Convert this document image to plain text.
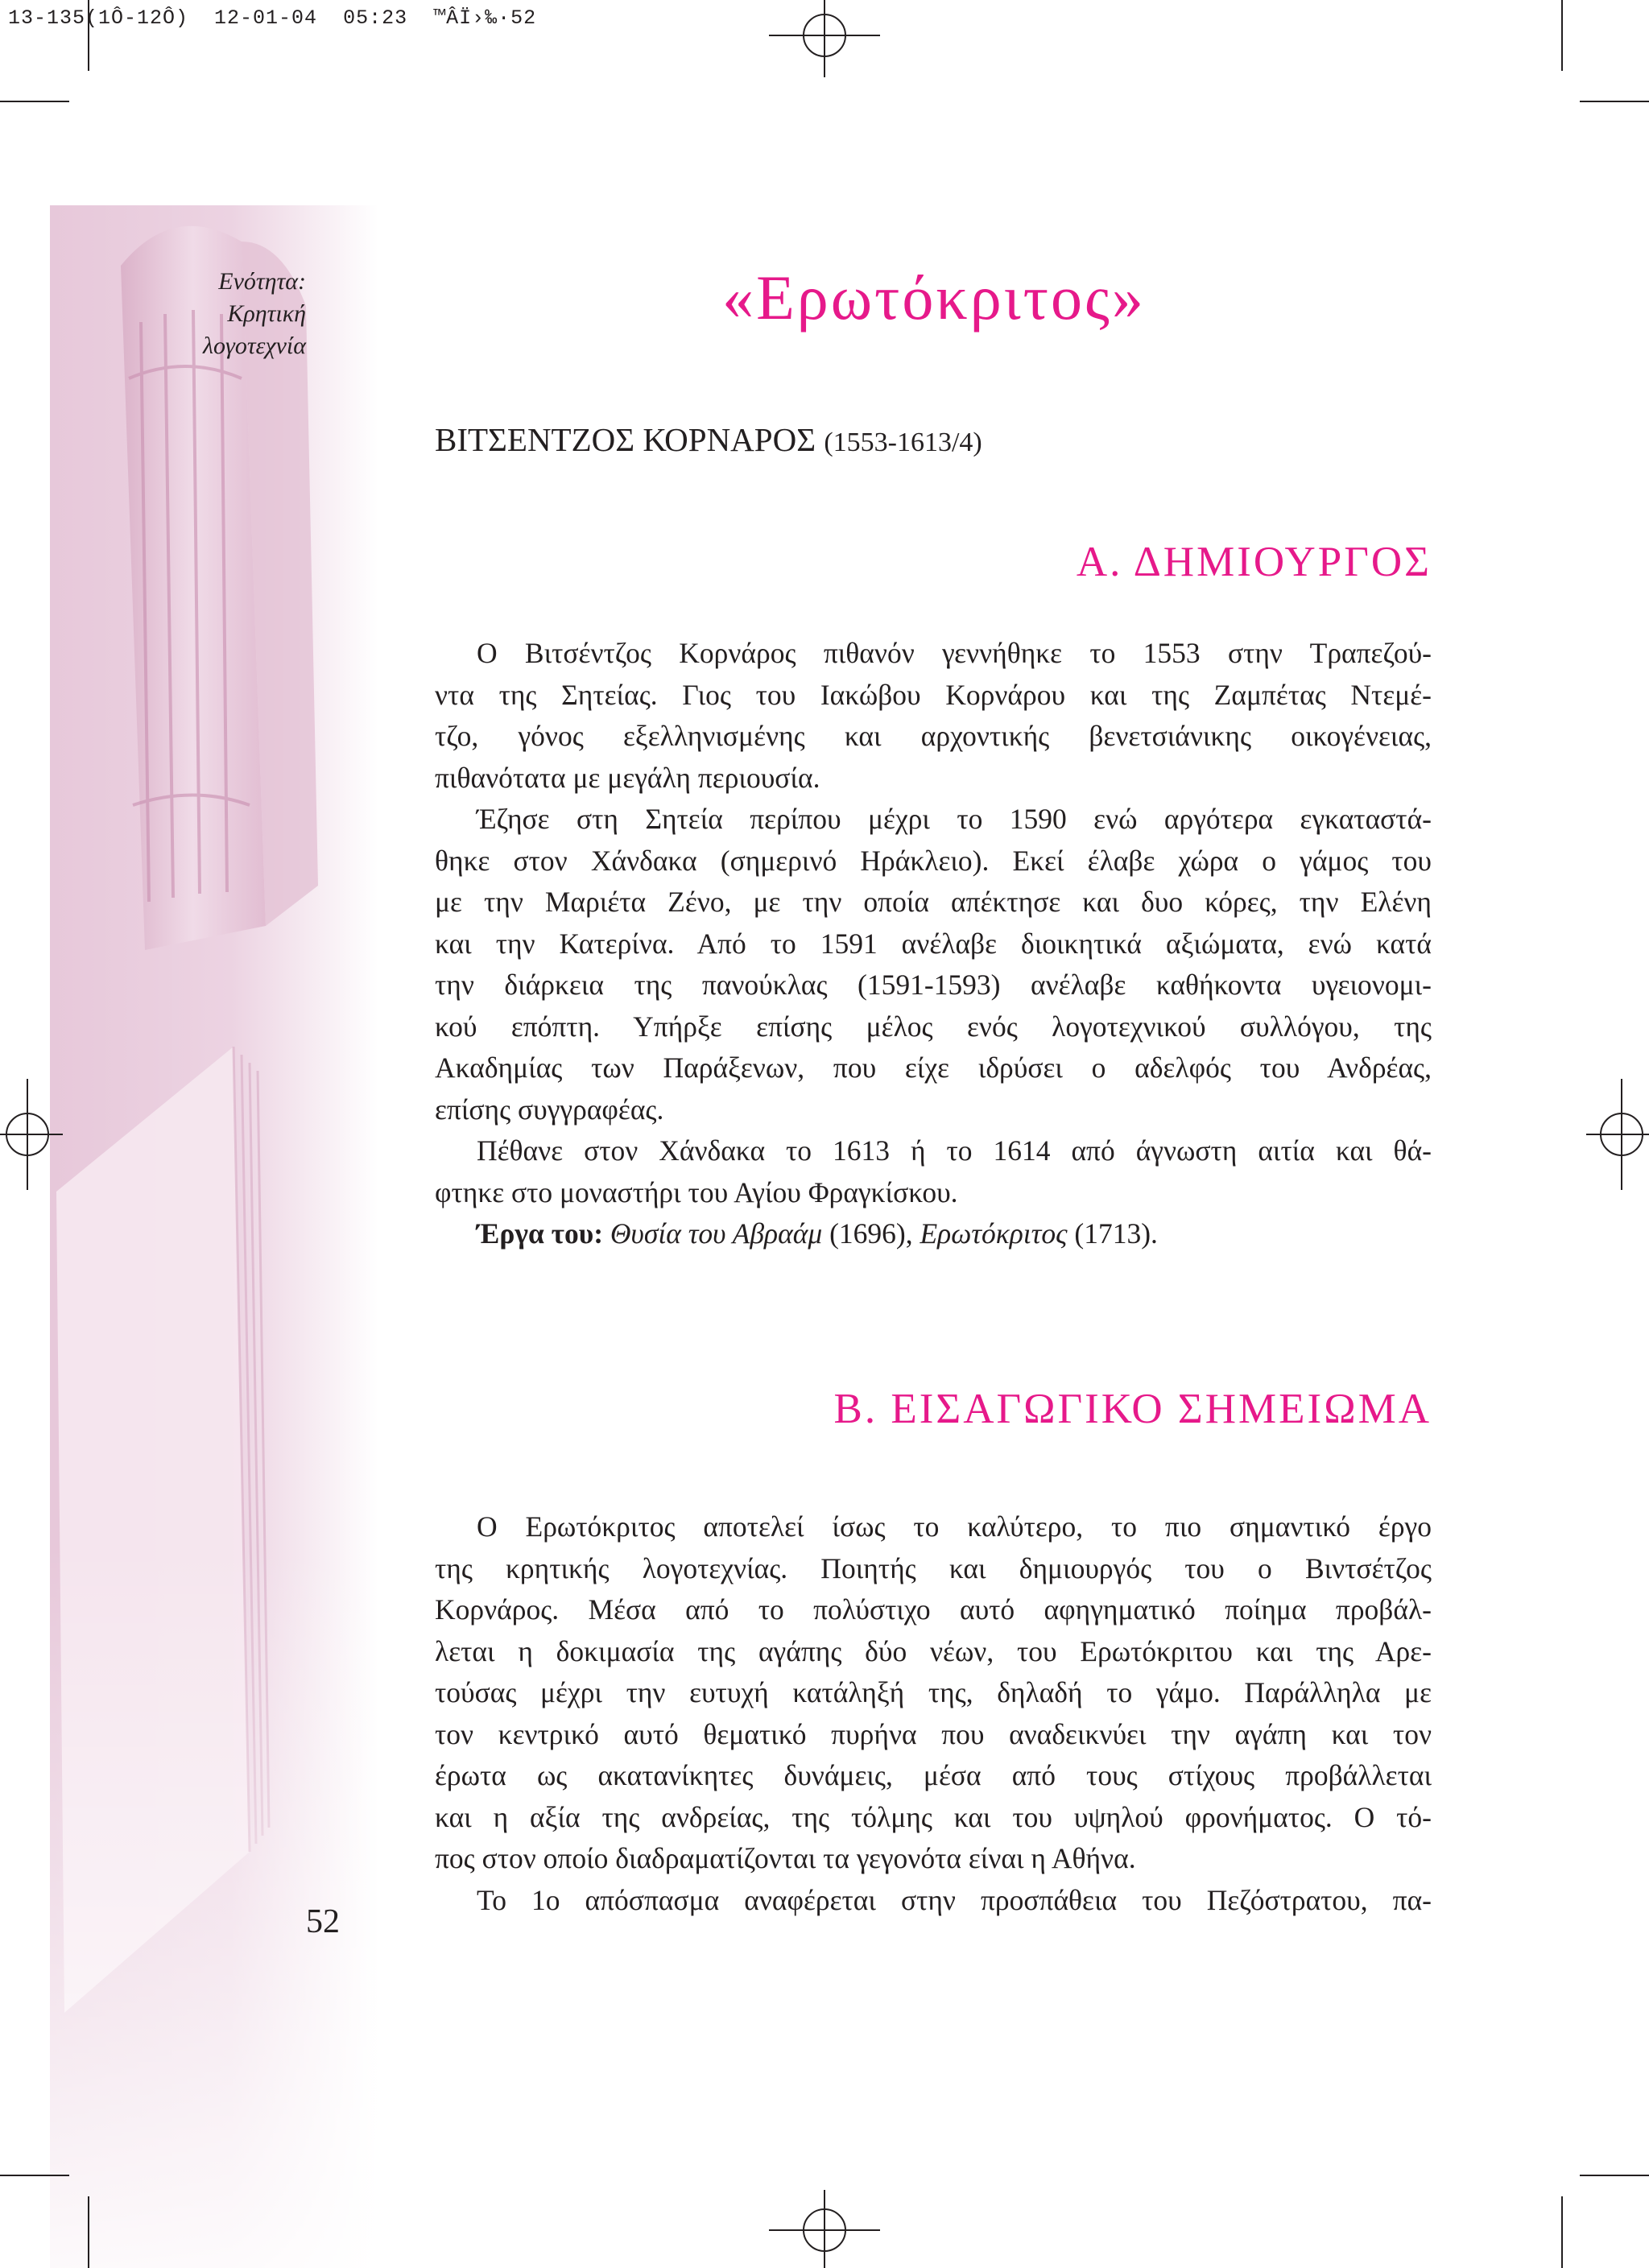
13-135(1Ô-12Ô)  12-01-04  05:23  ™ÂÏ›‰·52
Ενότητα:
Κρητική
λογοτεχνία
«Ερωτόκριτος»
ΒΙΤΣΕΝΤΖΟΣ ΚΟΡΝΑΡΟΣ (1553-1613/4)
Α. ΔΗΜΙΟΥΡΓΟΣ

Ο Βιτσέντζος Κορνάρος πιθανόν γεννήθηκε το 1553 στην Τραπεζού-
ντα της Σητείας. Γιος του Ιακώβου Κορνάρου και της Ζαμπέτας Ντεμέ-
τζο, γόνος εξελληνισμένης και αρχοντικής βενετσιάνικης οικογένειας,

πιθανότατα με μεγάλη περιουσία.

Έζησε στη Σητεία περίπου μέχρι το 1590 ενώ αργότερα εγκαταστά-
θηκε στον Χάνδακα (σημερινό Ηράκλειο). Εκεί έλαβε χώρα ο γάμος του
με την Μαριέτα Ζένο, με την οποία απέκτησε και δυο κόρες, την Ελένη
και την Κατερίνα. Από το 1591 ανέλαβε διοικητικά αξιώματα, ενώ κατά
την διάρκεια της πανούκλας (1591-1593) ανέλαβε καθήκοντα υγειονομι-
κού επόπτη. Υπήρξε επίσης μέλος ενός λογοτεχνικού συλλόγου, της
Ακαδημίας των Παράξενων, που είχε ιδρύσει ο αδελφός του Ανδρέας,

επίσης συγγραφέας.

Πέθανε στον Χάνδακα το 1613 ή το 1614 από άγνωστη αιτία και θά-

φτηκε στο μοναστήρι του Αγίου Φραγκίσκου.

Έργα του: Θυσία του Αβραάμ (1696), Ερωτόκριτος (1713).

Β. ΕΙΣΑΓΩΓΙΚΟ ΣΗΜΕΙΩΜΑ

Ο Ερωτόκριτος αποτελεί ίσως το καλύτερο, το πιο σημαντικό έργο
της κρητικής λογοτεχνίας. Ποιητής και δημιουργός του ο Βιντσέτζος
Κορνάρος. Μέσα από το πολύστιχο αυτό αφηγηματικό ποίημα προβάλ-
λεται η δοκιμασία της αγάπης δύο νέων, του Ερωτόκριτου και της Αρε-
τούσας μέχρι την ευτυχή κατάληξή της, δηλαδή το γάμο. Παράλληλα με
τον κεντρικό αυτό θεματικό πυρήνα που αναδεικνύει την αγάπη και τον
έρωτα ως ακατανίκητες δυνάμεις, μέσα από τους στίχους προβάλλεται
και η αξία της ανδρείας, της τόλμης και του υψηλού φρονήματος. Ο τό-

πος στον οποίο διαδραματίζονται τα γεγονότα είναι η Αθήνα.

Το 1ο απόσπασμα αναφέρεται στην προσπάθεια του Πεζόστρατου, πα-

52
